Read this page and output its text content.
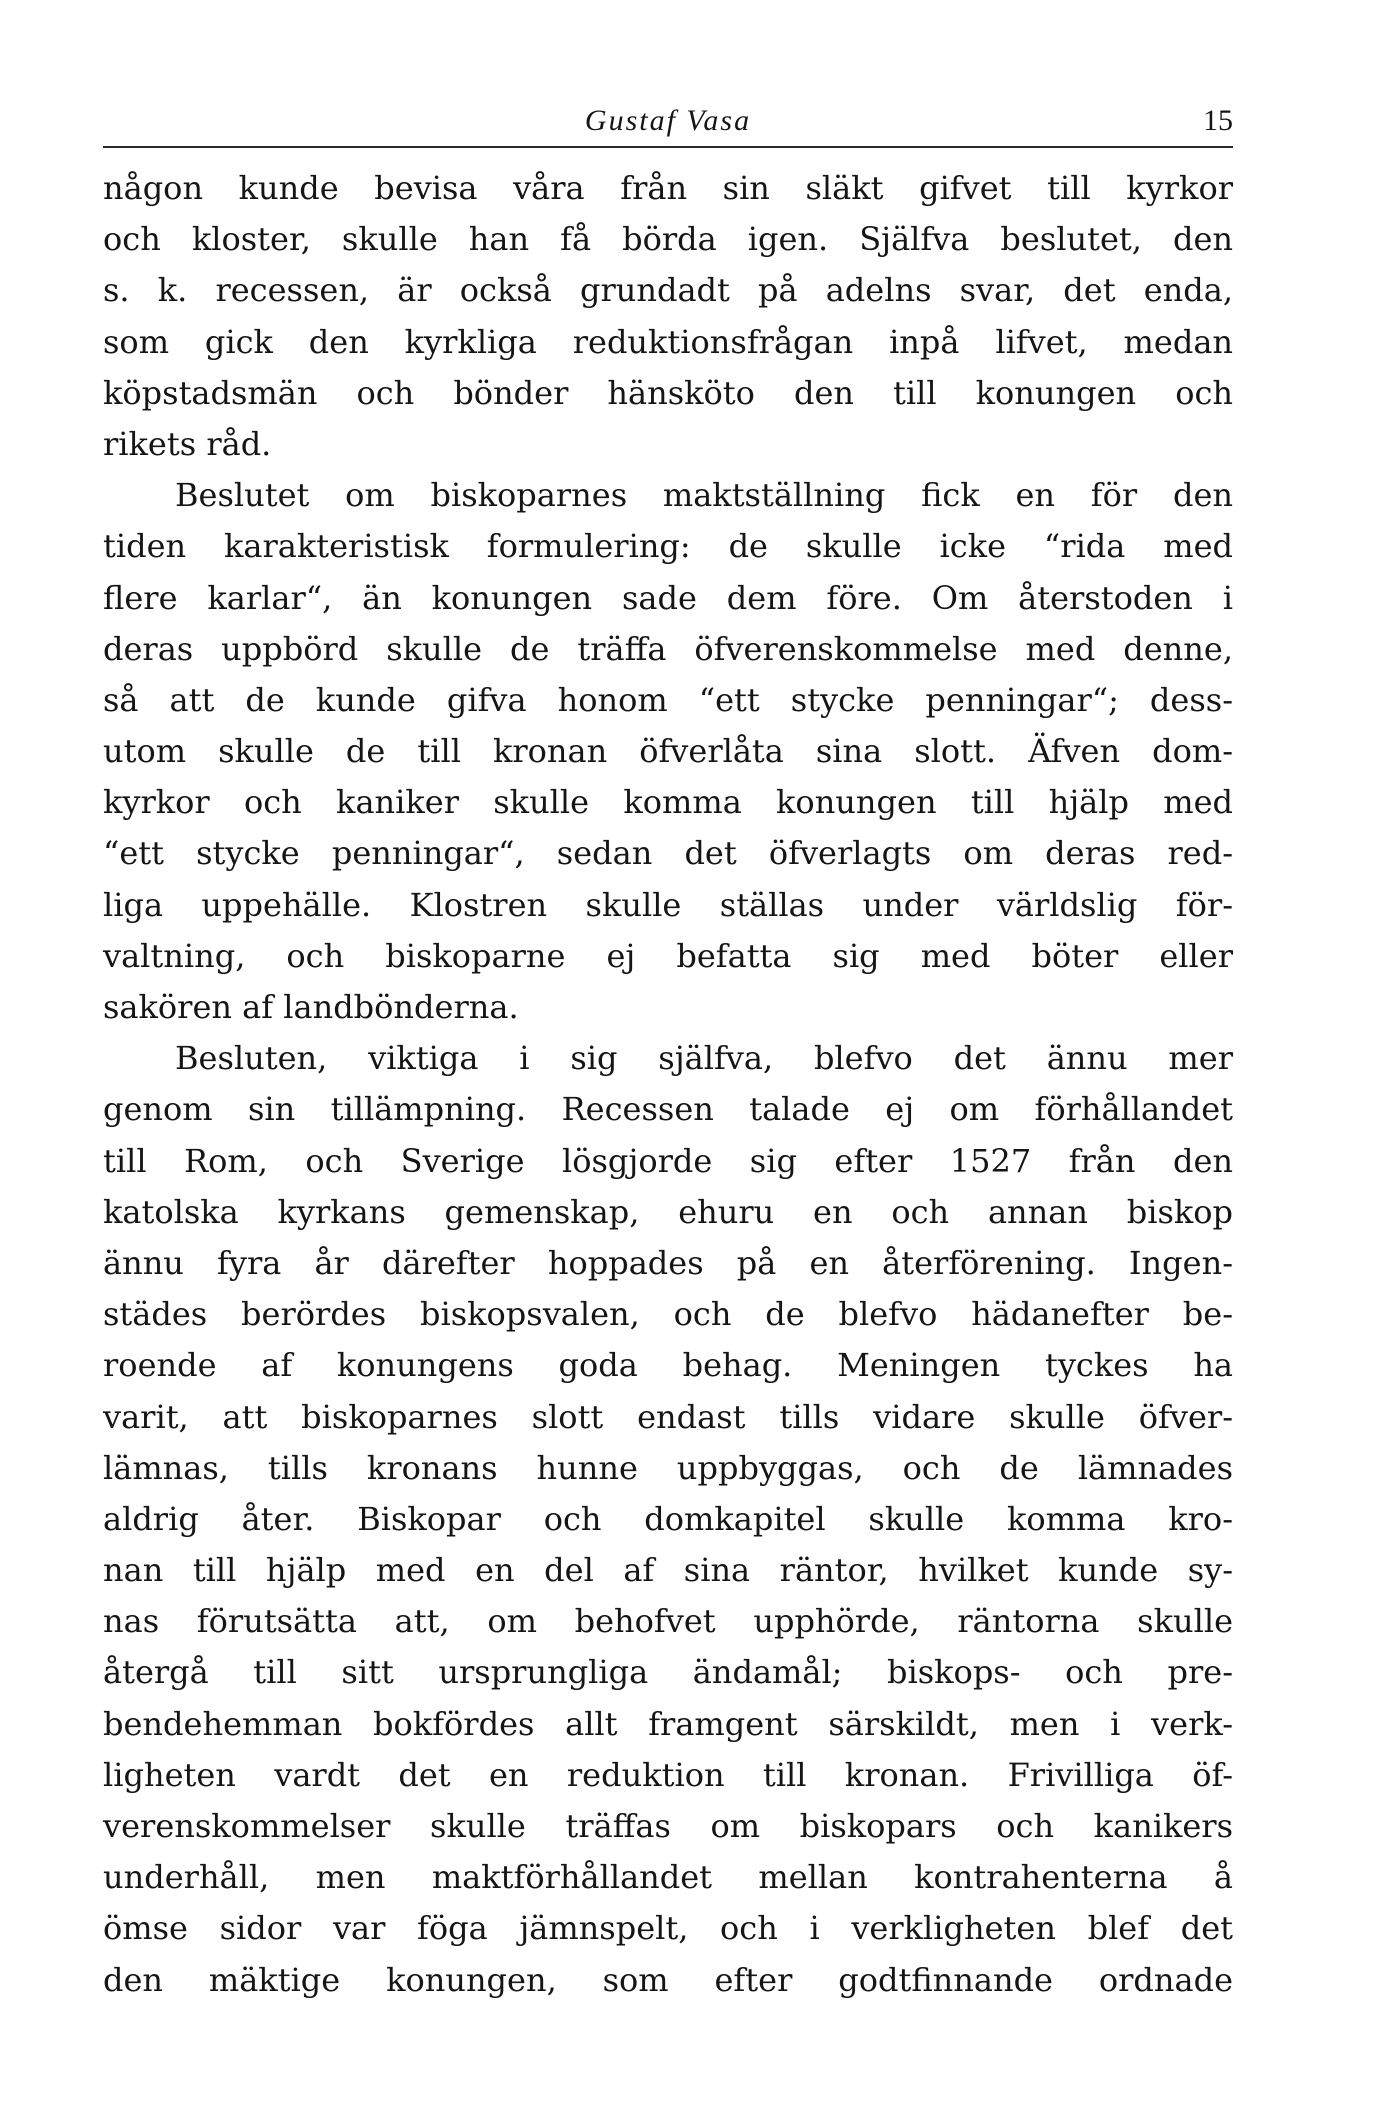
Gustaf Vasa	15
någon kunde bevisa våra från sin släkt gifvet till kyrkor
och kloster, skulle han få börda igen. Själfva beslutet, den
s. k. recessen, är också grundadt på adelns svar, det enda,
som gick den kyrkliga reduktionsfrågan inpå lifvet, medan
köpstadsmän och bönder hänsköto den till konungen och
rikets råd.
Beslutet om biskoparnes maktställning fick en för den
tiden karakteristisk formulering: de skulle icke “rida med
flere karlar“, än konungen sade dem före. Om återstoden i
deras uppbörd skulle de träffa öfverenskommelse med denne,
så att de kunde gifva honom “ett stycke penningar“; dess-
utom skulle de till kronan öfverlåta sina slott. Äfven dom-
kyrkor och kaniker skulle komma konungen till hjälp med
“ett stycke penningar“, sedan det öfverlagts om deras red-
liga uppehälle. Klostren skulle ställas under världslig för-
valtning, och biskoparne ej befatta sig med böter eller
sakören af landbönderna.
Besluten, viktiga i sig själfva, blefvo det ännu mer
genom sin tillämpning. Recessen talade ej om förhållandet
till Rom, och Sverige lösgjorde sig efter 1527 från den
katolska kyrkans gemenskap, ehuru en och annan biskop
ännu fyra år därefter hoppades på en återförening. Ingen-
städes berördes biskopsvalen, och de blefvo hädanefter be-
roende af konungens goda behag. Meningen tyckes ha
varit, att biskoparnes slott endast tills vidare skulle öfver-
lämnas, tills kronans hunne uppbyggas, och de lämnades
aldrig åter. Biskopar och domkapitel skulle komma kro-
nan till hjälp med en del af sina räntor, hvilket kunde sy-
nas förutsätta att, om behofvet upphörde, räntorna skulle
återgå till sitt ursprungliga ändamål; biskops- och pre-
bendehemman bokfördes allt framgent särskildt, men i verk-
ligheten vardt det en reduktion till kronan. Frivilliga öf-
verenskommelser skulle träffas om biskopars och kanikers
underhåll, men maktförhållandet mellan kontrahenterna å
ömse sidor var föga jämnspelt, och i verkligheten blef det
den mäktige konungen, som efter godtfinnande ordnade
